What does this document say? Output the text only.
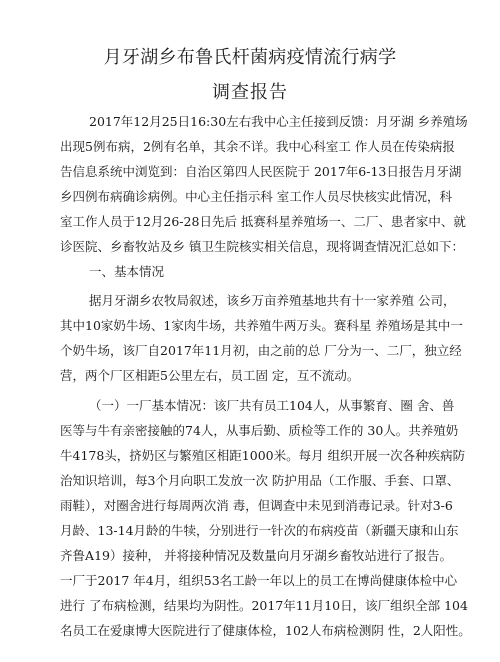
月牙湖乡布鲁氏杆菌病疫情流行病学
调查报告
2017年12月25日16:30左右我中心主任接到反馈：月牙湖 乡养殖场
出现5例布病，2例有名单，其余不详。我中心科室工 作人员在传染病报
告信息系统中浏览到：自治区第四人民医院于 2017年6-13日报告月牙湖
乡四例布病确诊病例。中心主任指示科 室工作人员尽快核实此情况，科
室工作人员于12月26-28日先后 抵赛科星养殖场一、二厂、患者家中、就
诊医院、乡畜牧站及乡 镇卫生院核实相关信息，现将调查情况汇总如下：
一、基本情况
据月牙湖乡农牧局叙述，该乡万亩养殖基地共有十一家养殖 公司，
其中10家奶牛场、1家肉牛场，共养殖牛两万头。赛科星 养殖场是其中一
个奶牛场，该厂自2017年11月初，由之前的总 厂分为一、二厂，独立经
营，两个厂区相距5公里左右，员工固 定，互不流动。
（一）一厂基本情况：该厂共有员工104人，从事繁育、圈 舍、兽
医等与牛有亲密接触的74人，从事后勤、质检等工作的 30人。共养殖奶
牛4178头，挤奶区与繁殖区相距1000米。每月 组织开展一次各种疾病防
治知识培训，每3个月向职工发放一次 防护用品（工作服、手套、口罩、
雨鞋），对圈舍进行每周两次消 毒，但调查中未见到消毒记录。针对3-6
月龄、13-14月龄的牛犊，分别进行一针次的布病疫苗（新疆天康和山东
齐鲁A19）接种， 并将接种情况及数量向月牙湖乡畜牧站进行了报告。
一厂于2017 年4月，组织53名工龄一年以上的员工在博尚健康体检中心
进行 了布病检测，结果均为阴性。2017年11月10日，该厂组织全部 104
名员工在爱康博大医院进行了健康体检，102人布病检测阴 性，2人阳性。
